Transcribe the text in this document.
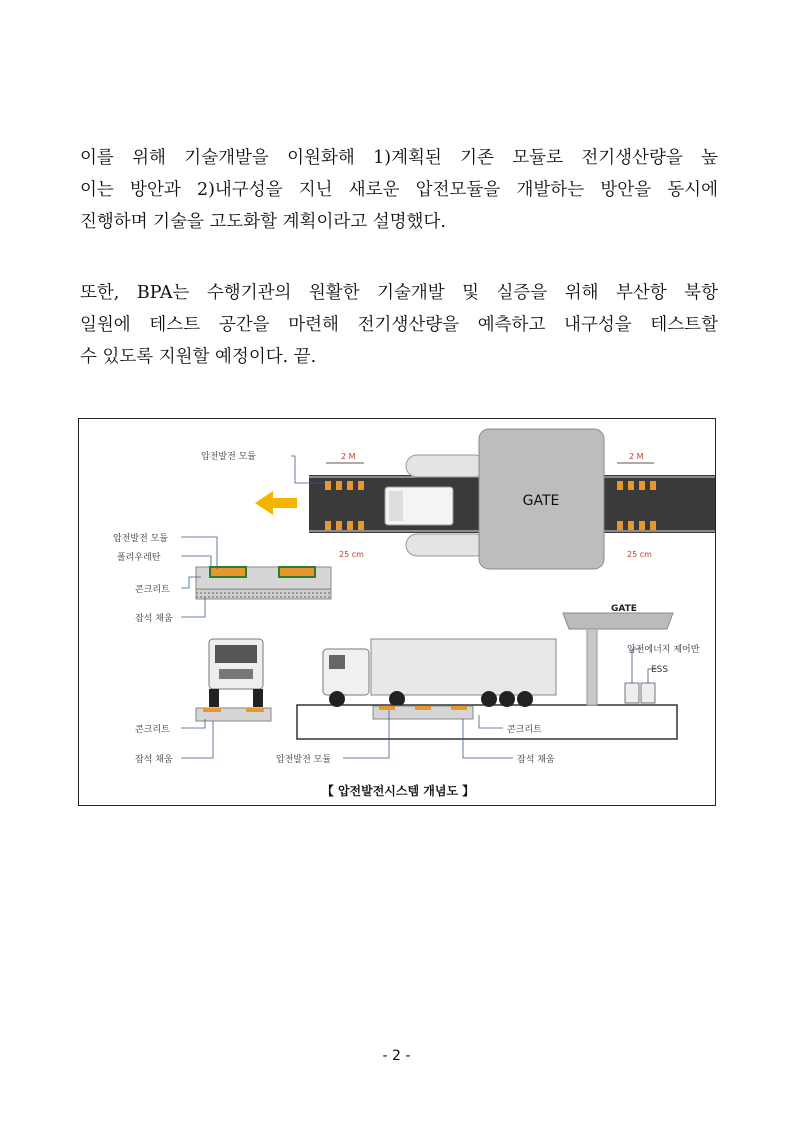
이를 위해 기술개발을 이원화해 1)계획된 기존 모듈로 전기생산량을 높
이는 방안과 2)내구성을 지닌 새로운 압전모듈을 개발하는 방안을 동시에
진행하며 기술을 고도화할 계획이라고 설명했다.
또한, BPA는 수행기관의 원활한 기술개발 및 실증을 위해 부산항 북항
일원에 테스트 공간을 마련해 전기생산량을 예측하고 내구성을 테스트할
수 있도록 지원할 예정이다. 끝.
GATE
압전발전 모듈	2 M	2 M
25 cm	25 cm
압전발전 모듈
폴리우레탄
콘크리트
잡석 채움
콘크리트
잡석 채움
콘크리트
잡석 채움
압전발전 모듈
GATE
압전에너지 제어반
ESS
【 압전발전시스템 개념도 】
- 2 -
